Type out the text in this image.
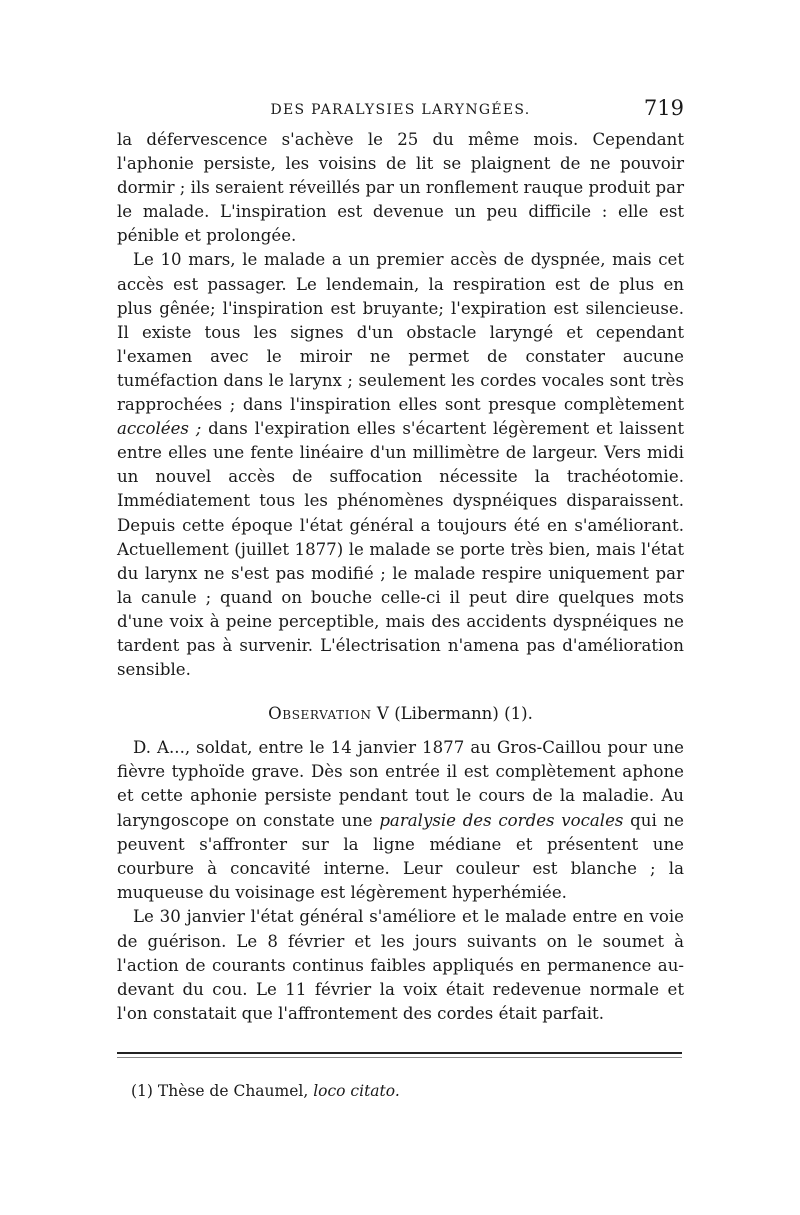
DES PARALYSIES LARYNGÉES.	719

la défervescence s'achève le 25 du même mois. Cependant l'aphonie persiste, les voisins de lit se plaignent de ne pouvoir dormir ; ils seraient réveillés par un ronflement rauque produit par le malade. L'inspiration est devenue un peu difficile : elle est pénible et prolongée.

Le 10 mars, le malade a un premier accès de dyspnée, mais cet accès est passager. Le lendemain, la respiration est de plus en plus gênée; l'inspiration est bruyante; l'expiration est silencieuse. Il existe tous les signes d'un obstacle laryngé et cependant l'examen avec le miroir ne permet de constater aucune tuméfaction dans le larynx ; seulement les cordes vocales sont très rapprochées ; dans l'inspiration elles sont presque complètement accolées ; dans l'expiration elles s'écartent légèrement et laissent entre elles une fente linéaire d'un millimètre de largeur. Vers midi un nouvel accès de suffocation nécessite la trachéotomie. Immédiatement tous les phénomènes dyspnéiques disparaissent. Depuis cette époque l'état général a toujours été en s'améliorant. Actuellement (juillet 1877) le malade se porte très bien, mais l'état du larynx ne s'est pas modifié ; le malade respire uniquement par la canule ; quand on bouche celle-ci il peut dire quelques mots d'une voix à peine perceptible, mais des accidents dyspnéiques ne tardent pas à survenir. L'électrisation n'amena pas d'amélioration sensible.

Observation V (Libermann) (1).

D. A..., soldat, entre le 14 janvier 1877 au Gros-Caillou pour une fièvre typhoïde grave. Dès son entrée il est complètement aphone et cette aphonie persiste pendant tout le cours de la maladie. Au laryngoscope on constate une paralysie des cordes vocales qui ne peuvent s'affronter sur la ligne médiane et présentent une courbure à concavité interne. Leur couleur est blanche ; la muqueuse du voisinage est légèrement hyperhémiée.

Le 30 janvier l'état général s'améliore et le malade entre en voie de guérison. Le 8 février et les jours suivants on le soumet à l'action de courants continus faibles appliqués en permanence au-devant du cou. Le 11 février la voix était redevenue normale et l'on constatait que l'affrontement des cordes était parfait.

(1) Thèse de Chaumel, loco citato.
